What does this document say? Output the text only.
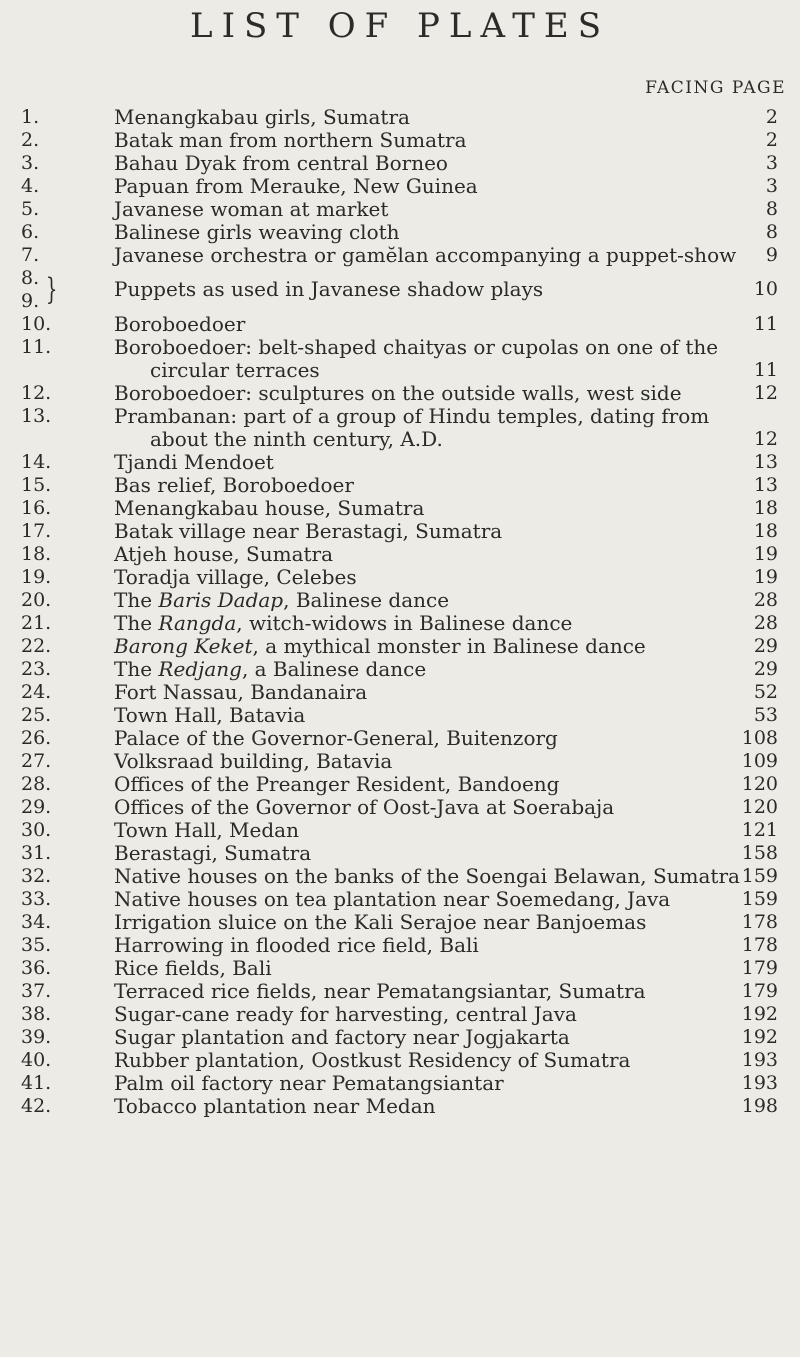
LIST OF PLATES
FACING PAGE
1.	Menangkabau girls, Sumatra	2
2.	Batak man from northern Sumatra	2
3.	Bahau Dyak from central Borneo	3
4.	Papuan from Merauke, New Guinea	3
5.	Javanese woman at market	8
6.	Balinese girls weaving cloth	8
7.	Javanese orchestra or gamĕlan accompanying a puppet-show	9
8.
9. }	Puppets as used in Javanese shadow plays	10
10.	Boroboedoer	11
11.	Boroboedoer: belt-shaped chaityas or cupolas on one of the
circular terraces	11
12.	Boroboedoer: sculptures on the outside walls, west side	12
13.	Prambanan: part of a group of Hindu temples, dating from
about the ninth century, A.D.	12
14.	Tjandi Mendoet	13
15.	Bas relief, Boroboedoer	13
16.	Menangkabau house, Sumatra	18
17.	Batak village near Berastagi, Sumatra	18
18.	Atjeh house, Sumatra	19
19.	Toradja village, Celebes	19
20.	The Baris Dadap, Balinese dance	28
21.	The Rangda, witch-widows in Balinese dance	28
22.	Barong Keket, a mythical monster in Balinese dance	29
23.	The Redjang, a Balinese dance	29
24.	Fort Nassau, Bandanaira	52
25.	Town Hall, Batavia	53
26.	Palace of the Governor-General, Buitenzorg	108
27.	Volksraad building, Batavia	109
28.	Offices of the Preanger Resident, Bandoeng	120
29.	Offices of the Governor of Oost-Java at Soerabaja	120
30.	Town Hall, Medan	121
31.	Berastagi, Sumatra	158
32.	Native houses on the banks of the Soengai Belawan, Sumatra 159
33.	Native houses on tea plantation near Soemedang, Java	159
34.	Irrigation sluice on the Kali Serajoe near Banjoemas	178
35.	Harrowing in flooded rice field, Bali	178
36.	Rice fields, Bali	179
37.	Terraced rice fields, near Pematangsiantar, Sumatra	179
38.	Sugar-cane ready for harvesting, central Java	192
39.	Sugar plantation and factory near Jogjakarta	192
40.	Rubber plantation, Oostkust Residency of Sumatra	193
41.	Palm oil factory near Pematangsiantar	193
42.	Tobacco plantation near Medan	198
